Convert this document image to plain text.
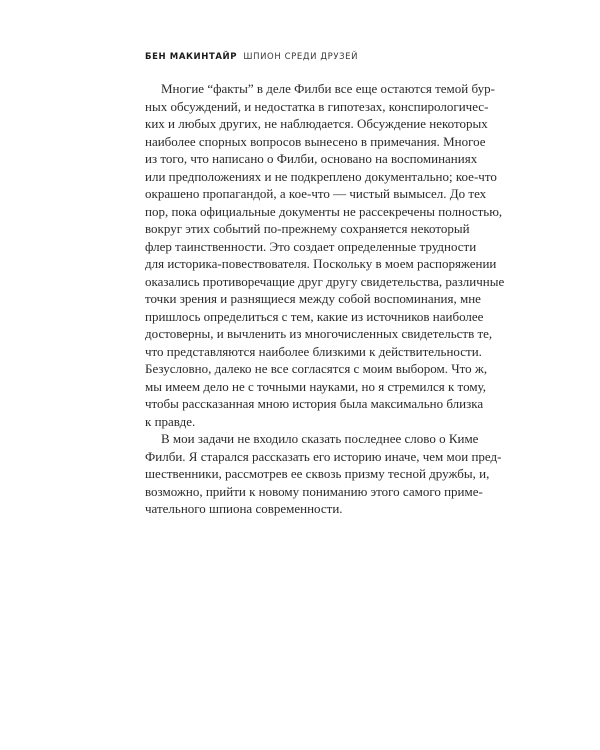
БЕН МАКИНТАЙР ШПИОН СРЕДИ ДРУЗЕЙ
Многие “факты” в деле Филби все еще остаются темой бур-
ных обсуждений, и недостатка в гипотезах, конспирологичес-
ких и любых других, не наблюдается. Обсуждение некоторых
наиболее спорных вопросов вынесено в примечания. Многое
из того, что написано о Филби, основано на воспоминаниях
или предположениях и не подкреплено документально; кое-что
окрашено пропагандой, а кое-что — чистый вымысел. До тех
пор, пока официальные документы не рассекречены полностью,
вокруг этих событий по-прежнему сохраняется некоторый
флер таинственности. Это создает определенные трудности
для историка-повествователя. Поскольку в моем распоряжении
оказались противоречащие друг другу свидетельства, различные
точки зрения и разнящиеся между собой воспоминания, мне
пришлось определиться с тем, какие из источников наиболее
достоверны, и вычленить из многочисленных свидетельств те,
что представляются наиболее близкими к действительности.
Безусловно, далеко не все согласятся с моим выбором. Что ж,
мы имеем дело не с точными науками, но я стремился к тому,
чтобы рассказанная мною история была максимально близка
к правде.
В мои задачи не входило сказать последнее слово о Киме
Филби. Я старался рассказать его историю иначе, чем мои пред-
шественники, рассмотрев ее сквозь призму тесной дружбы, и,
возможно, прийти к новому пониманию этого самого приме-
чательного шпиона современности.
